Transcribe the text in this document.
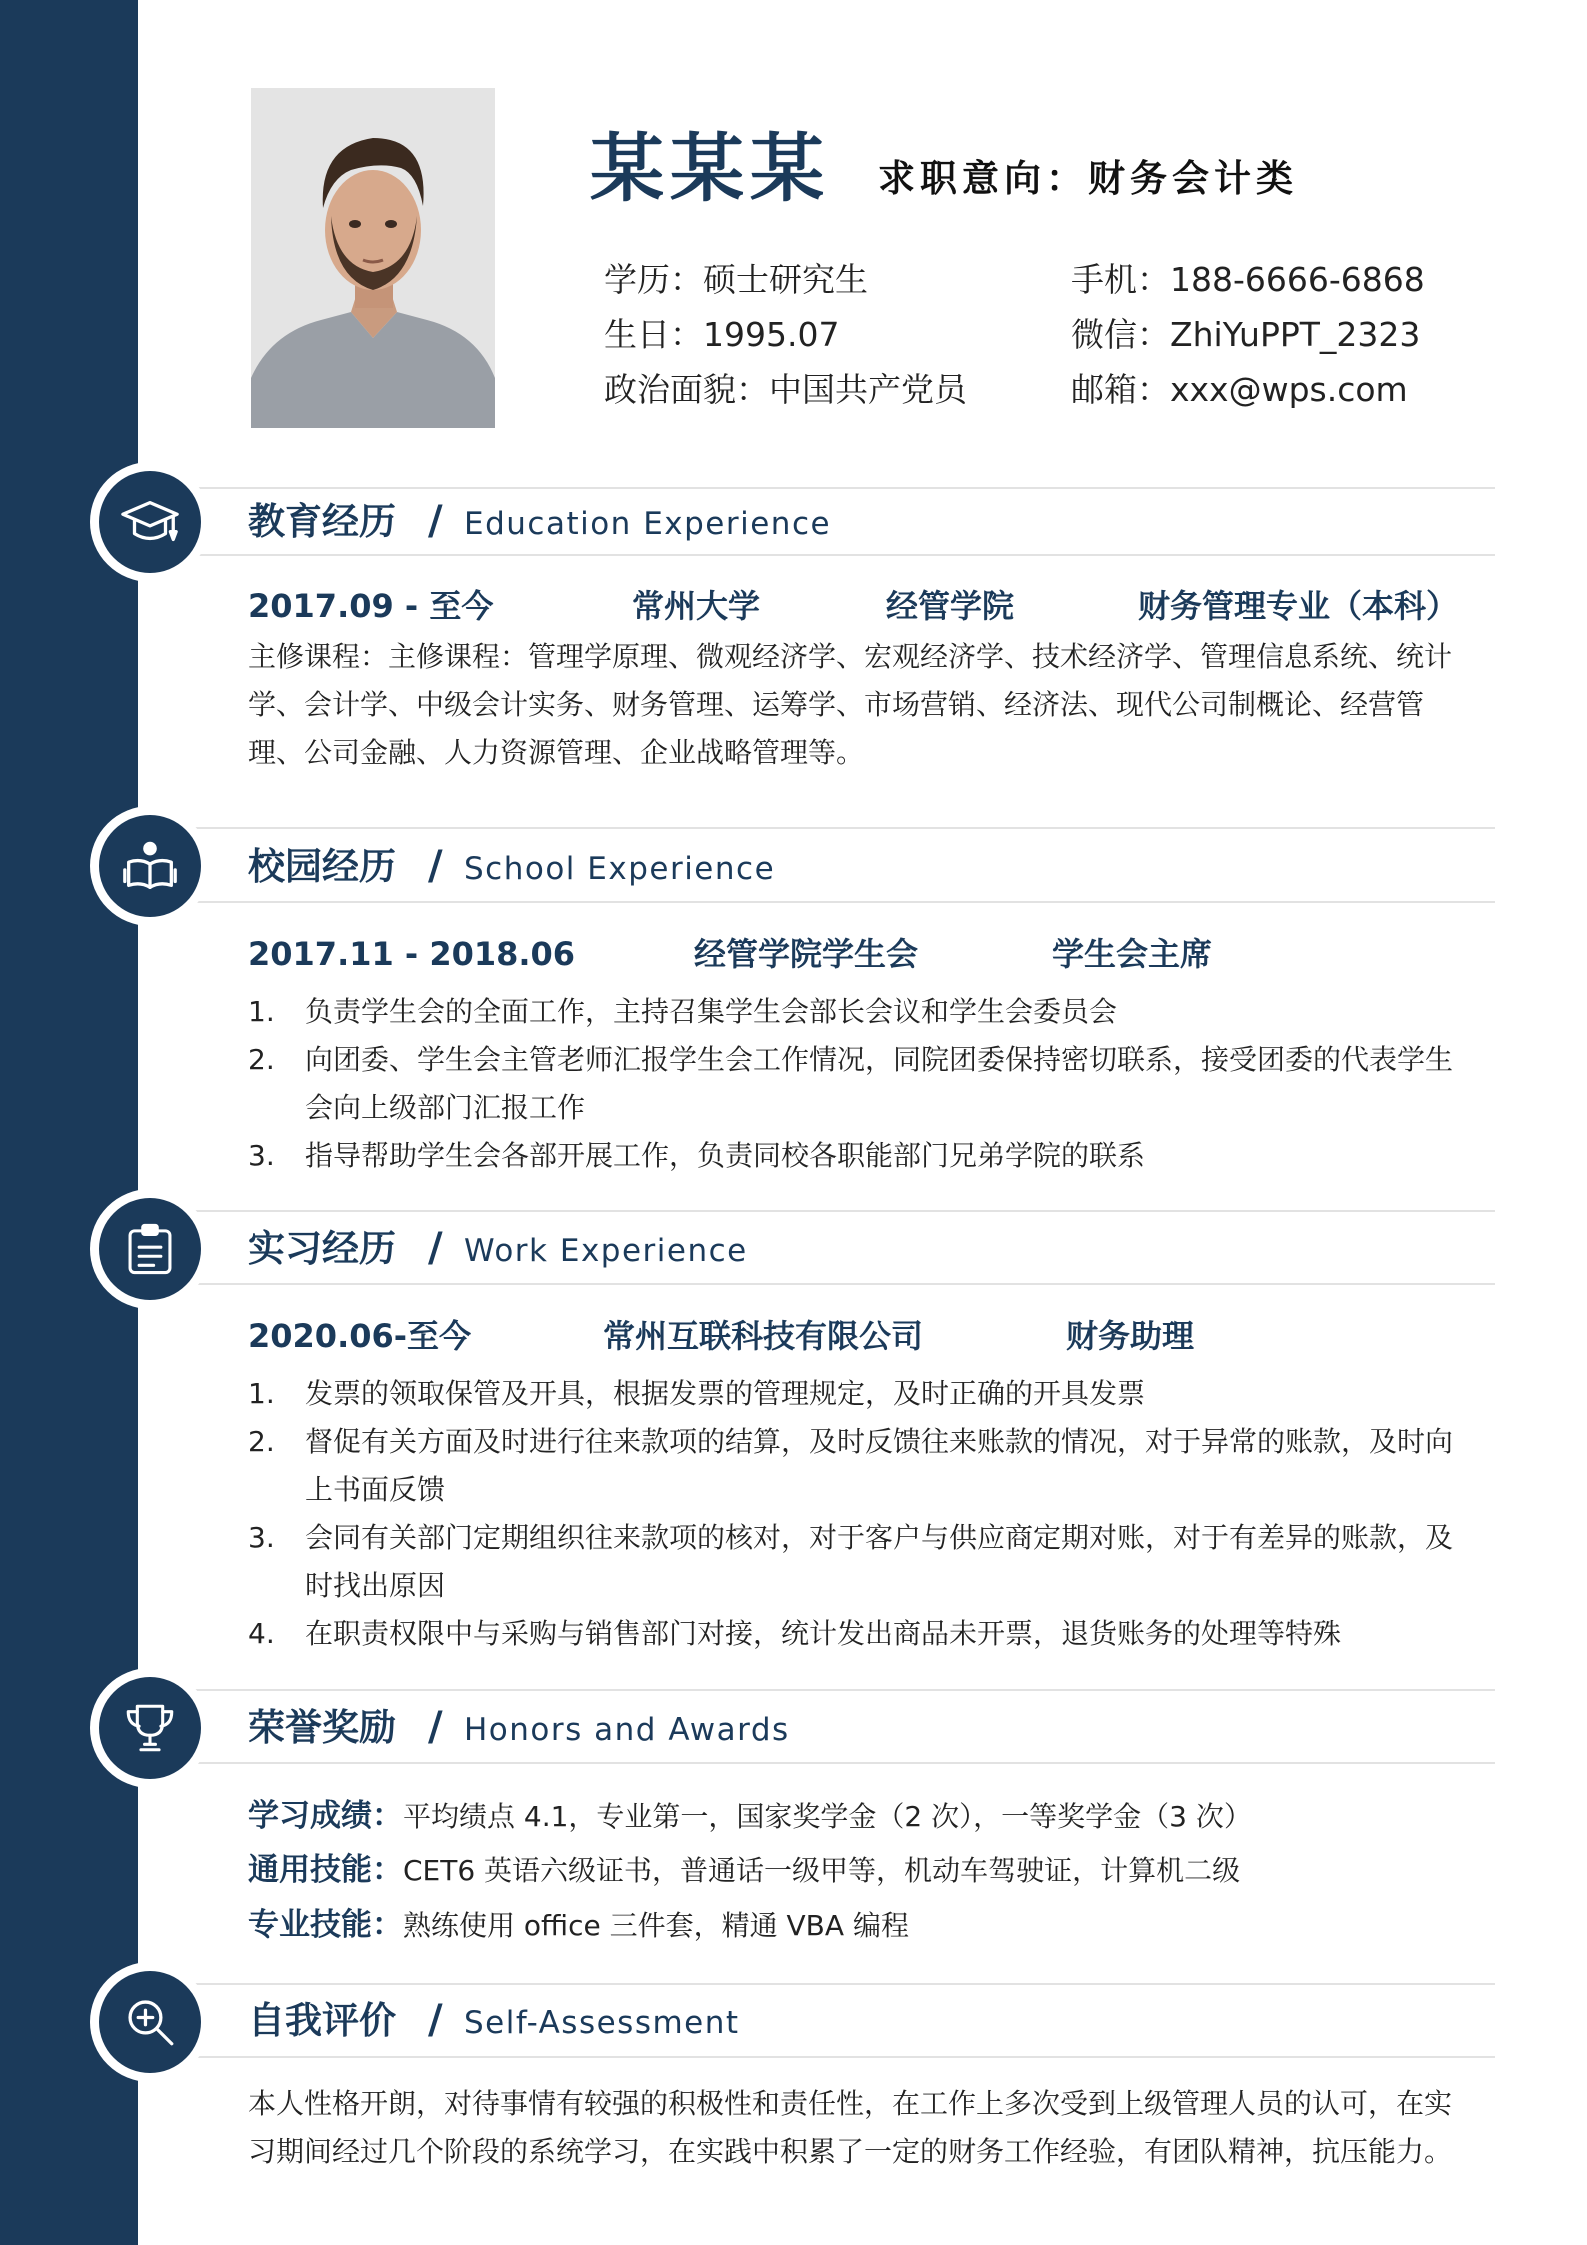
某某某 求职意向：财务会计类
学历 ： 硕士研究生
生日 ： 1995.07
政治面貌 ： 中国共产党员
手机 ： 188-6666-6868
微信 ： ZhiYuPPT_2323
邮箱 ： xxx@wps.com
教育经历 / Education Experience
2017.09 - 至今	常州大学	经管学院	财务管理专业（本科）

主修课程：主修课程：管理学原理、微观经济学、宏观经济学、技术经济学、管理信息系统、统计学、会计学、中级会计实务、财务管理、运筹学、市场营销、经济法、现代公司制概论、经营管理、公司金融、人力资源管理、企业战略管理等。

校园经历 / School Experience
2017.11 - 2018.06	经管学院学生会	学生会主席
1. 负责学生会的全面工作，主持召集学生会部长会议和学生会委员会
2. 向团委、学生会主管老师汇报学生会工作情况，同院团委保持密切联系，接受团委的代表学生会向上级部门汇报工作
3. 指导帮助学生会各部开展工作，负责同校各职能部门兄弟学院的联系
实习经历 / Work Experience
2020.06-至今	常州互联科技有限公司	财务助理
1. 发票的领取保管及开具，根据发票的管理规定，及时正确的开具发票
2. 督促有关方面及时进行往来款项的结算，及时反馈往来账款的情况，对于异常的账款，及时向上书面反馈
3. 会同有关部门定期组织往来款项的核对，对于客户与供应商定期对账，对于有差异的账款，及时找出原因
4. 在职责权限中与采购与销售部门对接，统计发出商品未开票，退货账务的处理等特殊
荣誉奖励 / Honors and Awards
学习成绩：平均绩点 4.1，专业第一，国家奖学金（2 次），一等奖学金（3 次）
通用技能：CET6 英语六级证书，普通话一级甲等，机动车驾驶证，计算机二级
专业技能：熟练使用 office 三件套，精通 VBA 编程
自我评价 / Self-Assessment

本人性格开朗，对待事情有较强的积极性和责任性，在工作上多次受到上级管理人员的认可，在实习期间经过几个阶段的系统学习，在实践中积累了一定的财务工作经验，有团队精神，抗压能力。
